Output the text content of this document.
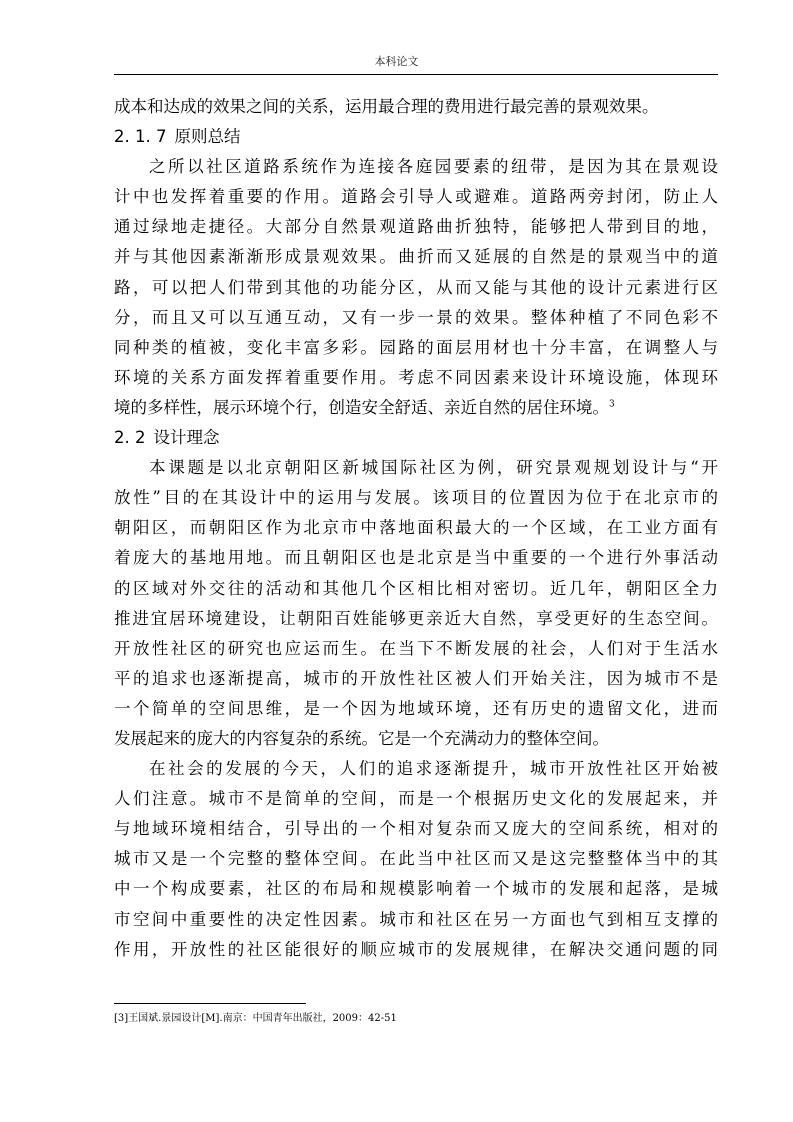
本科论文
成本和达成的效果之间的关系，运用最合理的费用进行最完善的景观效果。
2. 1. 7 原则总结
之所以社区道路系统作为连接各庭园要素的纽带，是因为其在景观设
计中也发挥着重要的作用。道路会引导人或避难。道路两旁封闭，防止人
通过绿地走捷径。大部分自然景观道路曲折独特，能够把人带到目的地，
并与其他因素渐渐形成景观效果。曲折而又延展的自然是的景观当中的道
路，可以把人们带到其他的功能分区，从而又能与其他的设计元素进行区
分，而且又可以互通互动，又有一步一景的效果。整体种植了不同色彩不
同种类的植被，变化丰富多彩。园路的面层用材也十分丰富，在调整人与
环境的关系方面发挥着重要作用。考虑不同因素来设计环境设施，体现环
境的多样性，展示环境个行，创造安全舒适、亲近自然的居住环境。$^3$
2. 2 设计理念
本课题是以北京朝阳区新城国际社区为例，研究景观规划设计与“开
放性”目的在其设计中的运用与发展。该项目的位置因为位于在北京市的
朝阳区，而朝阳区作为北京市中落地面积最大的一个区域，在工业方面有
着庞大的基地用地。而且朝阳区也是北京是当中重要的一个进行外事活动
的区域对外交往的活动和其他几个区相比相对密切。近几年，朝阳区全力
推进宜居环境建设，让朝阳百姓能够更亲近大自然，享受更好的生态空间。
开放性社区的研究也应运而生。在当下不断发展的社会，人们对于生活水
平的追求也逐渐提高，城市的开放性社区被人们开始关注，因为城市不是
一个简单的空间思维，是一个因为地域环境，还有历史的遗留文化，进而
发展起来的庞大的内容复杂的系统。它是一个充满动力的整体空间。
在社会的发展的今天，人们的追求逐渐提升，城市开放性社区开始被
人们注意。城市不是简单的空间，而是一个根据历史文化的发展起来，并
与地域环境相结合，引导出的一个相对复杂而又庞大的空间系统，相对的
城市又是一个完整的整体空间。在此当中社区而又是这完整整体当中的其
中一个构成要素，社区的布局和规模影响着一个城市的发展和起落，是城
市空间中重要性的决定性因素。城市和社区在另一方面也气到相互支撑的
作用，开放性的社区能很好的顺应城市的发展规律，在解决交通问题的同
[3]王国斌.景园设计[M].南京：中国青年出版社，2009：42-51
